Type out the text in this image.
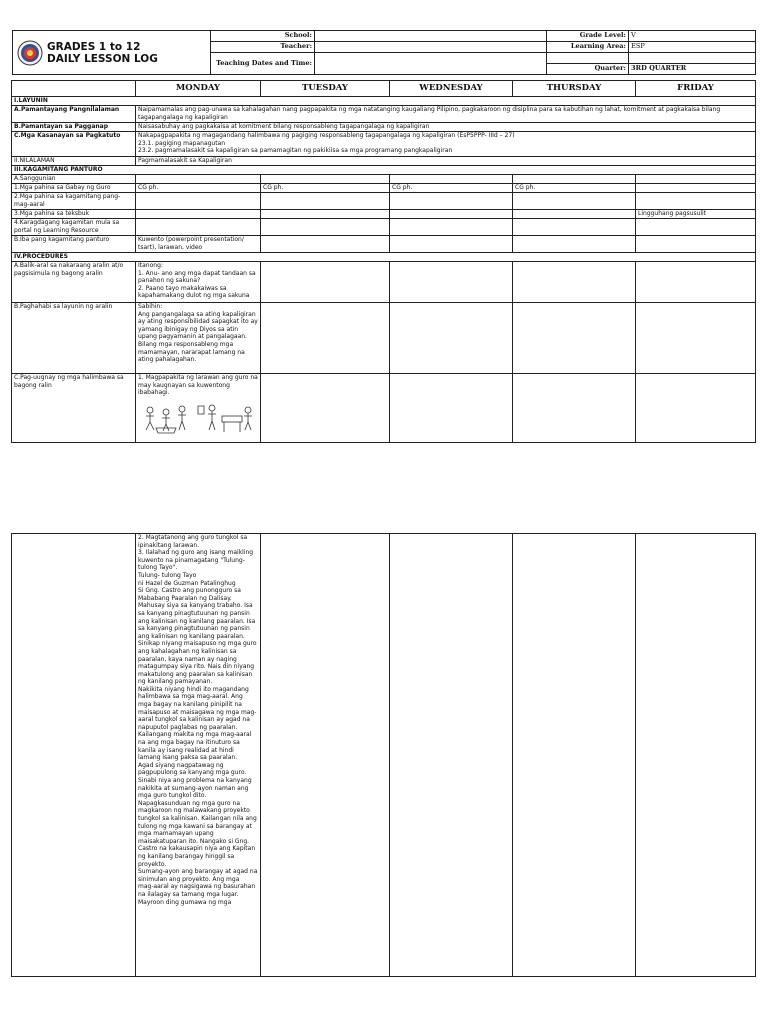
GRADES 1 to 12
DAILY LESSON LOG	School:		Grade Level:	V
	Teacher:		Learning Area:	ESP
	Teaching Dates and Time:			
			Quarter:	3RD QUARTER
	MONDAY	TUESDAY	WEDNESDAY	THURSDAY	FRIDAY
I.LAYUNIN					
A.Pamantayang Pangnilalaman	Naipamamalas ang pag-unawa sa kahalagahan nang pagpapakita ng mga natatanging kaugaliang Pilipino, pagkakaroon ng disiplina para sa kabutihan ng lahat, komitment at pagkakaisa bilang tagapangalaga ng kapaligiran				
B.Pamantayan sa Pagganap	Naisasabuhay ang pagkakaisa at komitment bilang responsableng tagapangalaga ng kapaligiran				
C.Mga Kasanayan sa Pagkatuto	Nakapagpapakita ng magagandang halimbawa ng pagiging responsableng tagapangalaga ng kapaligiran (EsP5PPP- IIId – 27)
23.1. pagiging mapanagutan
23.2. pagmamalasakit sa kapaligiran sa pamamagitan ng pakikiisa sa mga programang pangkapaligiran				

II.NILALAMAN	Pagmamalasakit sa Kapaligiran				
III.KAGAMITANG PANTURO					
A.Sanggunian					
1.Mga pahina sa Gabay ng Guro	CG ph.	CG ph.	CG ph.	CG ph.	
2.Mga pahina sa kagamitang pang-mag-aaral					
3.Mga pahina sa teksbuk					Lingguhang pagsusulit
4.Karagdagang kagamitan mula sa portal ng Learning Resource					
B.Iba pang kagamitang panturo	Kuwento (powerpoint presentation/ tsart), larawan, video				
IV.PROCEDURES					
A.Balik-aral sa nakaraang aralin at/o pagsisimula ng bagong aralin	Itanong:
1. Anu- ano ang mga dapat tandaan sa panahon ng sakuna?
2. Paano tayo makakaiwas sa kapahamakang dulot ng mga sakuna				

B.Paghahabi sa layunin ng aralin	Sabihin:
Ang pangangalaga sa ating kapaligiran ay ating responsibilidad sapagkat ito ay yamang ibinigay ng Diyos sa atin upang pagyamanin at pangalagaan. Bilang mga responsableng mga mamamayan, nararapat lamang na ating pahalagahan.				

C.Pag-uugnay ng mga halimbawa sa bagong ralin	1. Magpapakita ng larawan ang guro na may kaugnayan sa kuwentong ibabahagi.				

2. Magtatanong ang guro tungkol sa
ipinakitang larawan.
3. Ilalahad ng guro ang isang maikling
kuwento na pinamagatang "Tulung-
tulong Tayo".
Tulung- tulong Tayo
ni Hazel de Guzman Patalinghug
Si Gng. Castro ang punongguro sa
Mababang Paaralan ng Dalisay.
Mahusay siya sa kanyang trabaho. Isa
sa kanyang pinagtutuunan ng pansin
ang kalinisan ng kanilang paaralan. Isa
sa kanyang pinagtutuunan ng pansin
ang kalinisan ng kanilang paaralan.
Sinikap niyang maisapuso ng mga guro
ang kahalagahan ng kalinisan sa
paaralan, kaya naman ay naging
matagumpay siya rito. Nais din niyang
makatulong ang paaralan sa kalinisan
ng kanilang pamayanan.
Nakikita niyang hindi ito magandang
halimbawa sa mga mag-aaral. Ang
mga bagay na kanilang pinipilit na
maisapuso at maisagawa ng mga mag-
aaral tungkol sa kalinisan ay agad na
napuputol paglabas ng paaralan.
Kailangang makita ng mga mag-aaral
na ang mga bagay na itinuturo sa
kanila ay isang realidad at hindi
lamang isang paksa sa paaralan.
Agad siyang nagpatawag ng
pagpupulong sa kanyang mga guro.
Sinabi niya ang problema na kanyang
nakikita at sumang-ayon naman ang
mga guro tungkol dito.
Napagkasunduan ng mga guro na
magkaroon ng malawakang proyekto
tungkol sa kalinisan. Kailangan nila ang
tulong ng mga kawani sa barangay at
mga mamamayan upang
maisakatuparan ito. Nangako si Gng.
Castro na kakausapin niya ang Kapitan
ng kanilang barangay hinggil sa
proyekto.
Sumang-ayon ang barangay at agad na
sinimulan ang proyekto. Ang mga
mag-aaral ay nagsigawa ng basurahan
na ilalagay sa tamang mga lugar.
Mayroon ding gumawa ng mga
